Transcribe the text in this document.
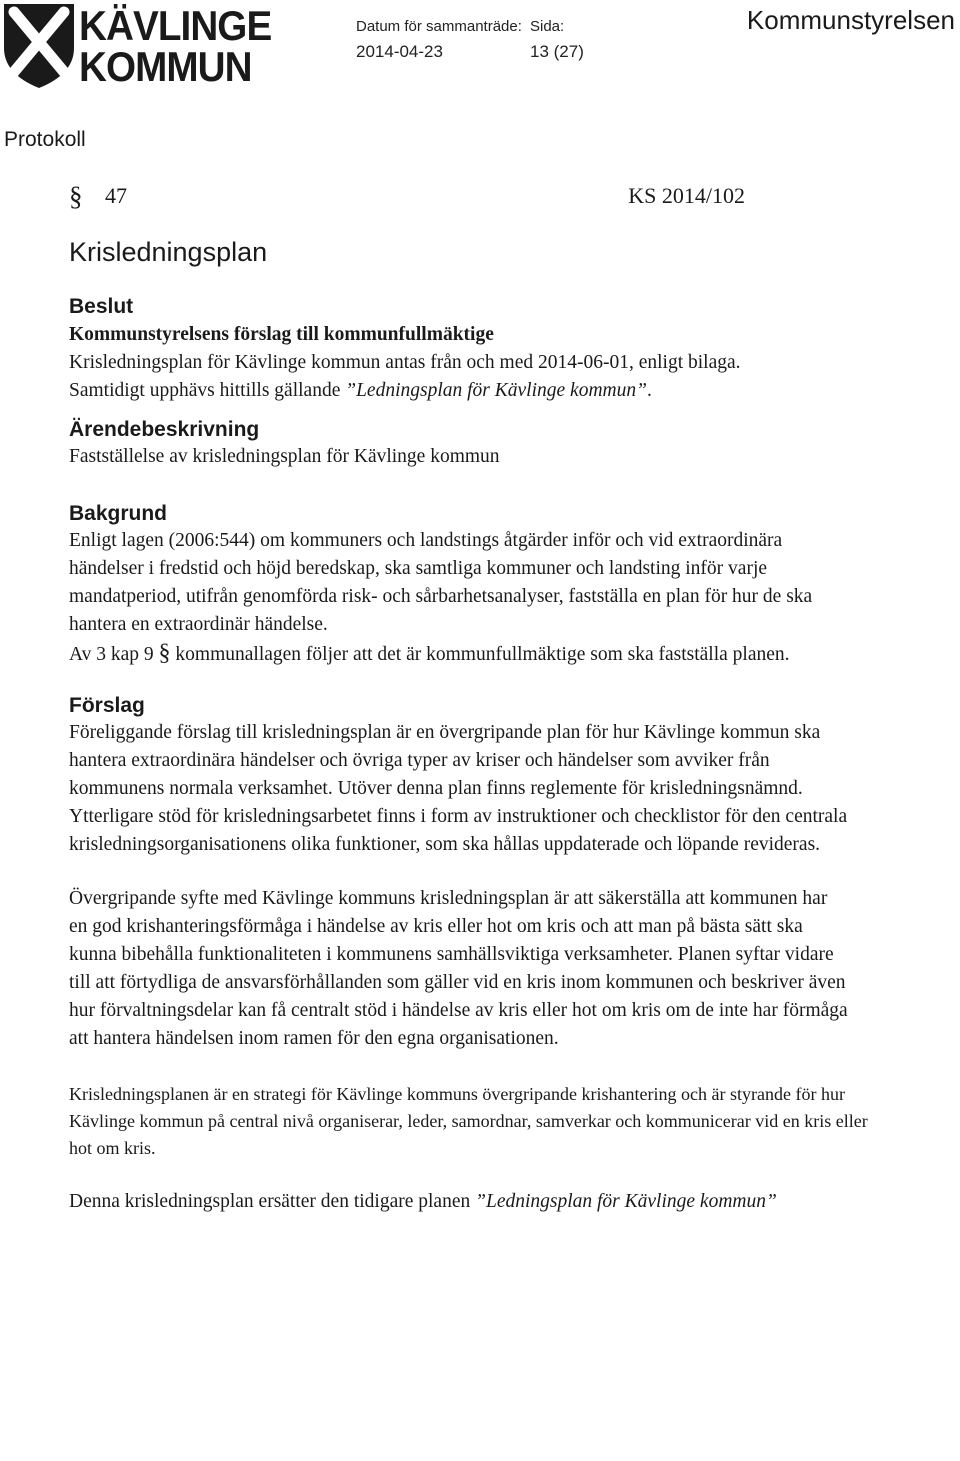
KÄVLINGE
KOMMUN
Datum för sammanträde: Sida:
2014-04-23	13 (27)
Kommunstyrelsen
Protokoll
§ 47	KS 2014/102
Krisledningsplan
Beslut

Kommunstyrelsens förslag till kommunfullmäktige

Krisledningsplan för Kävlinge kommun antas från och med 2014-06-01, enligt bilaga.

Samtidigt upphävs hittills gällande ”Ledningsplan för Kävlinge kommun”.

Ärendebeskrivning

Fastställelse av krisledningsplan för Kävlinge kommun

Bakgrund

Enligt lagen (2006:544) om kommuners och landstings åtgärder inför och vid extraordinära händelser i fredstid och höjd beredskap, ska samtliga kommuner och landsting inför varje mandatperiod, utifrån genomförda risk- och sårbarhetsanalyser, fastställa en plan för hur de ska hantera en extraordinär händelse.

Av 3 kap 9 § kommunallagen följer att det är kommunfullmäktige som ska fastställa planen.

Förslag

Föreliggande förslag till krisledningsplan är en övergripande plan för hur Kävlinge kommun ska hantera extraordinära händelser och övriga typer av kriser och händelser som avviker från kommunens normala verksamhet. Utöver denna plan finns reglemente för krisledningsnämnd. Ytterligare stöd för krisledningsarbetet finns i form av instruktioner och checklistor för den centrala krisledningsorganisationens olika funktioner, som ska hållas uppdaterade och löpande revideras.

Övergripande syfte med Kävlinge kommuns krisledningsplan är att säkerställa att kommunen har en god krishanteringsförmåga i händelse av kris eller hot om kris och att man på bästa sätt ska kunna bibehålla funktionaliteten i kommunens samhällsviktiga verksamheter. Planen syftar vidare till att förtydliga de ansvarsförhållanden som gäller vid en kris inom kommunen och beskriver även hur förvaltningsdelar kan få centralt stöd i händelse av kris eller hot om kris om de inte har förmåga att hantera händelsen inom ramen för den egna organisationen.

Krisledningsplanen är en strategi för Kävlinge kommuns övergripande krishantering och är styrande för hur Kävlinge kommun på central nivå organiserar, leder, samordnar, samverkar och kommunicerar vid en kris eller hot om kris.

Denna krisledningsplan ersätter den tidigare planen ”Ledningsplan för Kävlinge kommun”
